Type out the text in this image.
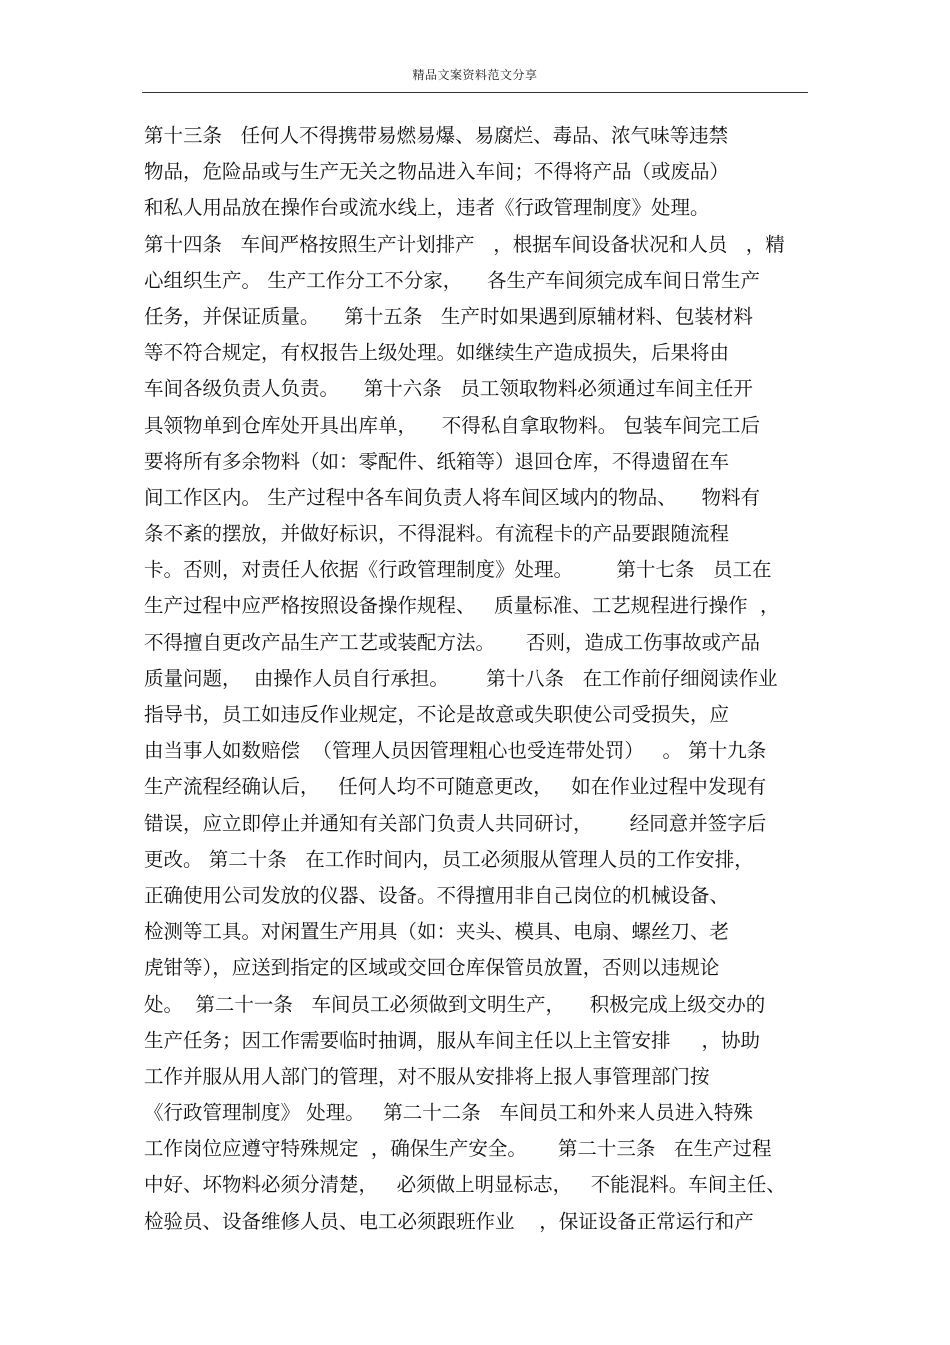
精品文案资料范文分享
第十三条   任何人不得携带易燃易爆、易腐烂、毒品、浓气味等违禁
物品，危险品或与生产无关之物品进入车间；不得将产品（或废品）
和私人用品放在操作台或流水线上，违者《行政管理制度》处理。
第十四条   车间严格按照生产计划排产   ，根据车间设备状况和人员   ，精
心组织生产。 生产工作分工不分家，    各生产车间须完成车间日常生产
任务，并保证质量。    第十五条   生产时如果遇到原辅材料、包装材料
等不符合规定，有权报告上级处理。如继续生产造成损失，后果将由
车间各级负责人负责。    第十六条   员工领取物料必须通过车间主任开
具领物单到仓库处开具出库单，    不得私自拿取物料。 包装车间完工后
要将所有多余物料（如：零配件、纸箱等）退回仓库，不得遗留在车
间工作区内。 生产过程中各车间负责人将车间区域内的物品、    物料有
条不紊的摆放，并做好标识，不得混料。有流程卡的产品要跟随流程
卡。否则，对责任人依据《行政管理制度》处理。       第十七条   员工在
生产过程中应严格按照设备操作规程、   质量标准、工艺规程进行操作  ，
不得擅自更改产品生产工艺或装配方法。     否则，造成工伤事故或产品
质量问题，  由操作人员自行承担。      第十八条   在工作前仔细阅读作业
指导书，员工如违反作业规定，不论是故意或失职使公司受损失，应
由当事人如数赔偿  （管理人员因管理粗心也受连带处罚）   。 第十九条
生产流程经确认后，   任何人均不可随意更改，   如在作业过程中发现有
错误，应立即停止并通知有关部门负责人共同研讨，      经同意并签字后
更改。 第二十条   在工作时间内，员工必须服从管理人员的工作安排，
正确使用公司发放的仪器、设备。不得擅用非自己岗位的机械设备、
检测等工具。对闲置生产用具（如：夹头、模具、电扇、螺丝刀、老
虎钳等），应送到指定的区域或交回仓库保管员放置，否则以违规论
处。  第二十一条   车间员工必须做到文明生产，    积极完成上级交办的
生产任务；因工作需要临时抽调，服从车间主任以上主管安排     ，协助
工作并服从用人部门的管理，对不服从安排将上报人事管理部门按
《行政管理制度》 处理。   第二十二条   车间员工和外来人员进入特殊
工作岗位应遵守特殊规定  ，确保生产安全。     第二十三条   在生产过程
中好、坏物料必须分清楚，   必须做上明显标志，   不能混料。车间主任、
检验员、设备维修人员、电工必须跟班作业    ，保证设备正常运行和产
